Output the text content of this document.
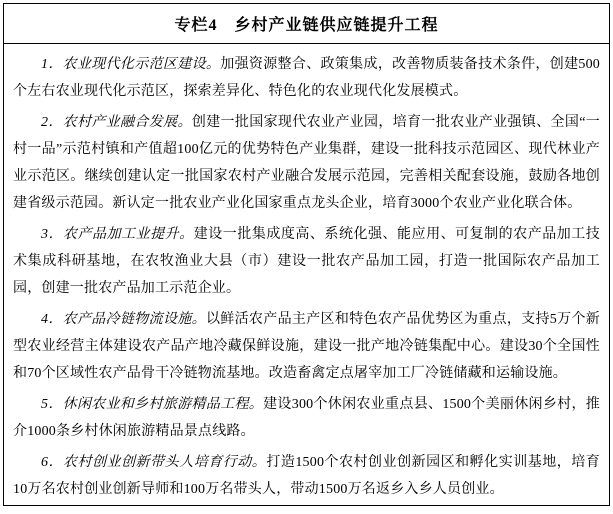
专栏4　乡村产业链供应链提升工程

1．农业现代化示范区建设。加强资源整合、政策集成，改善物质装备技术条件，创建500个左右农业现代化示范区，探索差异化、特色化的农业现代化发展模式。

2．农村产业融合发展。创建一批国家现代农业产业园，培育一批农业产业强镇、全国“一村一品”示范村镇和产值超100亿元的优势特色产业集群，建设一批科技示范园区、现代林业产业示范区。继续创建认定一批国家农村产业融合发展示范园，完善相关配套设施，鼓励各地创建省级示范园。新认定一批农业产业化国家重点龙头企业，培育3000个农业产业化联合体。

3．农产品加工业提升。建设一批集成度高、系统化强、能应用、可复制的农产品加工技术集成科研基地，在农牧渔业大县（市）建设一批农产品加工园，打造一批国际农产品加工园，创建一批农产品加工示范企业。

4．农产品冷链物流设施。以鲜活农产品主产区和特色农产品优势区为重点，支持5万个新型农业经营主体建设农产品产地冷藏保鲜设施，建设一批产地冷链集配中心。建设30个全国性和70个区域性农产品骨干冷链物流基地。改造畜禽定点屠宰加工厂冷链储藏和运输设施。

5．休闲农业和乡村旅游精品工程。建设300个休闲农业重点县、1500个美丽休闲乡村，推介1000条乡村休闲旅游精品景点线路。

6．农村创业创新带头人培育行动。打造1500个农村创业创新园区和孵化实训基地，培育10万名农村创业创新导师和100万名带头人，带动1500万名返乡入乡人员创业。
